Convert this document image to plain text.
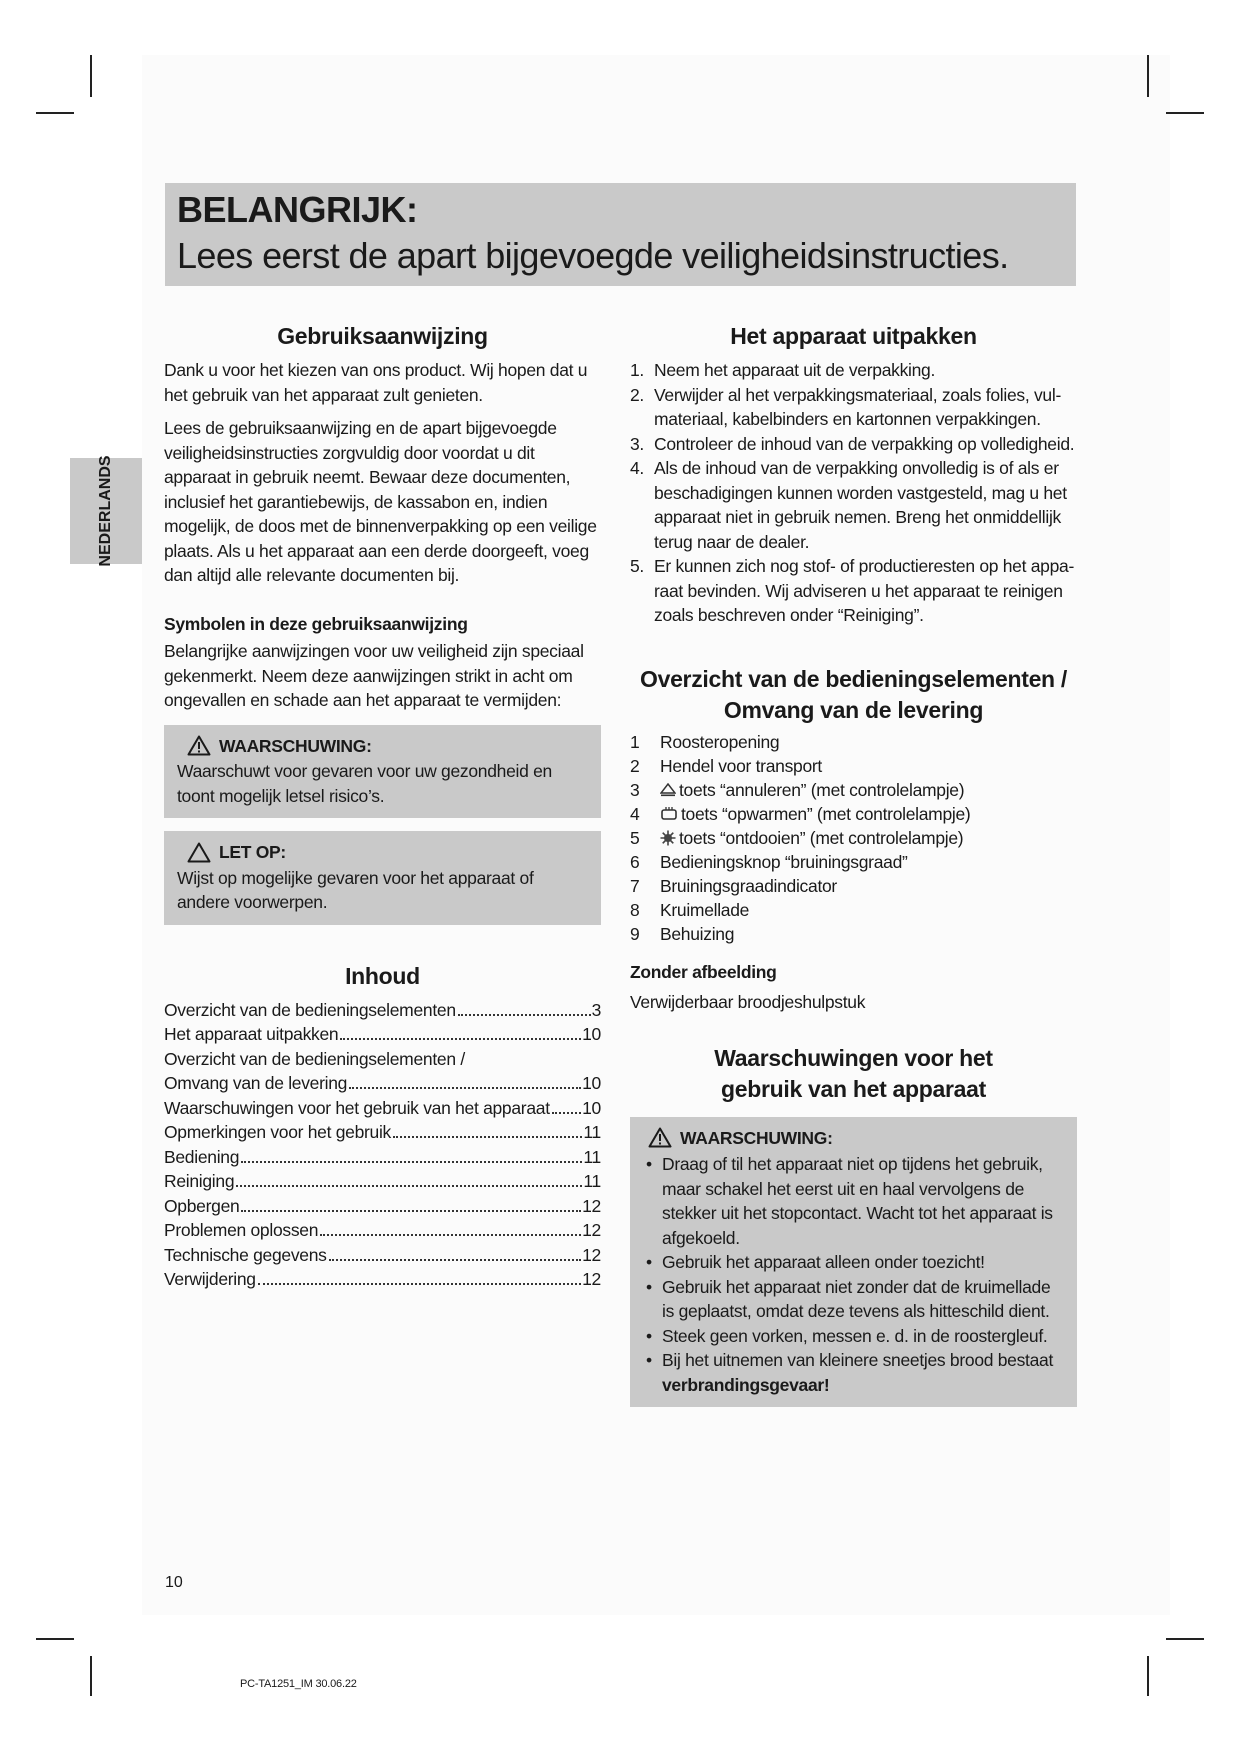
BELANGRIJK:
Lees eerst de apart bijgevoegde veiligheidsinstructies.
NEDERLANDS
Gebruiksaanwijzing

Dank u voor het kiezen van ons product. Wij hopen dat u het gebruik van het apparaat zult genieten.

Lees de gebruiksaanwijzing en de apart bijgevoegde veiligheidsinstructies zorgvuldig door voordat u dit apparaat in gebruik neemt. Bewaar deze documenten, inclusief het garantiebewijs, de kassabon en, indien mogelijk, de doos met de binnenverpakking op een veilige plaats. Als u het apparaat aan een derde doorgeeft, voeg dan altijd alle relevante documenten bij.

Symbolen in deze gebruiksaanwijzing

Belangrijke aanwijzingen voor uw veiligheid zijn speciaal gekenmerkt. Neem deze aanwijzingen strikt in acht om ongevallen en schade aan het apparaat te vermijden:

WAARSCHUWING:

Waarschuwt voor gevaren voor uw gezondheid en toont mogelijk letsel risico’s.

LET OP:

Wijst op mogelijke gevaren voor het apparaat of andere voorwerpen.

Inhoud
Overzicht van de bedieningselementen	3
Het apparaat uitpakken	10
Overzicht van de bedieningselementen /
Omvang van de levering	10
Waarschuwingen voor het gebruik van het apparaat 10
Opmerkingen voor het gebruik	11
Bediening	11
Reiniging	11
Opbergen	12
Problemen oplossen	12
Technische gegevens	12
Verwijdering	12
Het apparaat uitpakken
1. Neem het apparaat uit de verpakking.
2. Verwijder al het verpakkingsmateriaal, zoals folies, vul-materiaal, kabelbinders en kartonnen verpakkingen.
3. Controleer de inhoud van de verpakking op volledigheid.
4. Als de inhoud van de verpakking onvolledig is of als er beschadigingen kunnen worden vastgesteld, mag u het apparaat niet in gebruik nemen. Breng het onmiddellijk terug naar de dealer.
5. Er kunnen zich nog stof- of productieresten op het appa-raat bevinden. Wij adviseren u het apparaat te reinigen zoals beschreven onder “Reiniging”.
Overzicht van de bedieningselementen /
Omvang van de levering
1	Roosteropening
2	Hendel voor transport
3	toets “annuleren” (met controlelampje)
4	toets “opwarmen” (met controlelampje)
5	toets “ontdooien” (met controlelampje)
6	Bedieningsknop “bruiningsgraad”
7	Bruiningsgraadindicator
8	Kruimellade
9	Behuizing

Zonder afbeelding

Verwijderbaar broodjeshulpstuk

Waarschuwingen voor het
gebruik van het apparaat
WAARSCHUWING:
• Draag of til het apparaat niet op tijdens het gebruik, maar schakel het eerst uit en haal vervolgens de stekker uit het stopcontact. Wacht tot het apparaat is afgekoeld.
• Gebruik het apparaat alleen onder toezicht!
• Gebruik het apparaat niet zonder dat de kruimellade is geplaatst, omdat deze tevens als hitteschild dient.
• Steek geen vorken, messen e. d. in de roostergleuf.
• Bij het uitnemen van kleinere sneetjes brood bestaat
verbrandingsgevaar!
10
PC-TA1251_IM 30.06.22
